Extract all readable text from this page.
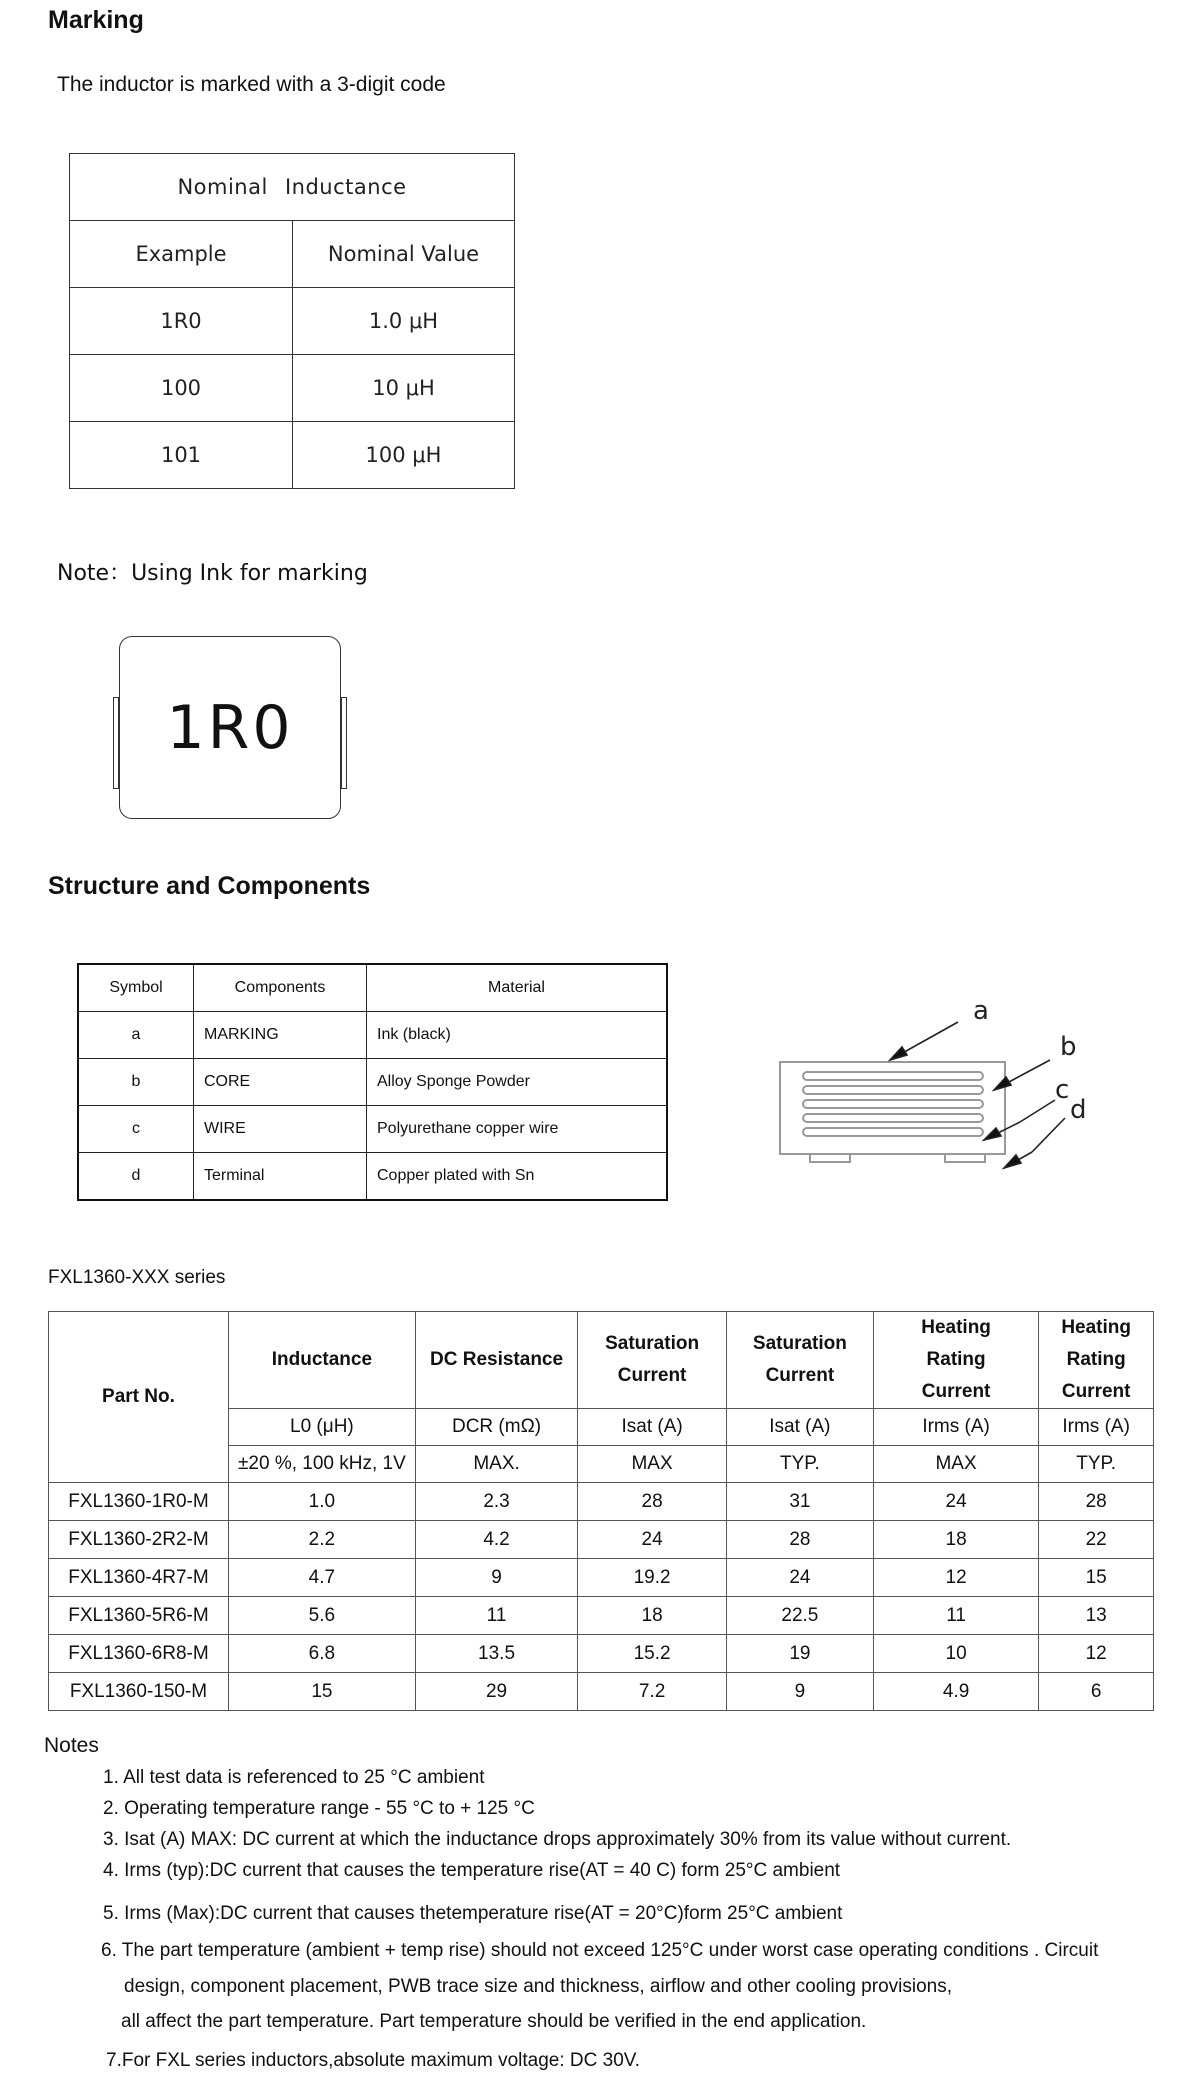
Marking
The inductor is marked with a 3-digit code
Nominal Inductance	
Example	Nominal Value
1R0	1.0 μH
100	10 μH
101	100 μH
Note：Using Ink for marking
1R0
Structure and Components
Symbol	Components	Material
a	MARKING	Ink (black)
b	CORE	Alloy Sponge Powder
c	WIRE	Polyurethane copper wire
d	Terminal	Copper plated with Sn
a
b
c
d
FXL1360-XXX series
Part No.	Inductance	DC Resistance	Saturation Current	Saturation Current	Heating Rating Current	Heating Rating Current
	L0 (μH)	DCR (mΩ)	Isat (A)	Isat (A)	Irms (A)	Irms (A)
	±20 %, 100 kHz, 1V	MAX.	MAX	TYP.	MAX	TYP.
FXL1360-1R0-M	1.0	2.3	28	31	24	28
FXL1360-2R2-M	2.2	4.2	24	28	18	22
FXL1360-4R7-M	4.7	9	19.2	24	12	15
FXL1360-5R6-M	5.6	11	18	22.5	11	13
FXL1360-6R8-M	6.8	13.5	15.2	19	10	12
FXL1360-150-M	15	29	7.2	9	4.9	6
Notes
1. All test data is referenced to 25 °C ambient
2. Operating temperature range - 55 °C to + 125 °C
3. Isat (A) MAX: DC current at which the inductance drops approximately 30% from its value without current.
4. Irms (typ):DC current that causes the temperature rise(AT = 40 C) form 25°C ambient
5. Irms (Max):DC current that causes thetemperature rise(AT = 20°C)form 25°C ambient
6. The part temperature (ambient + temp rise) should not exceed 125°C under worst case operating conditions . Circuit
design, component placement, PWB trace size and thickness, airflow and other cooling provisions,
all affect the part temperature. Part temperature should be verified in the end application.
7.For FXL series inductors,absolute maximum voltage: DC 30V.
